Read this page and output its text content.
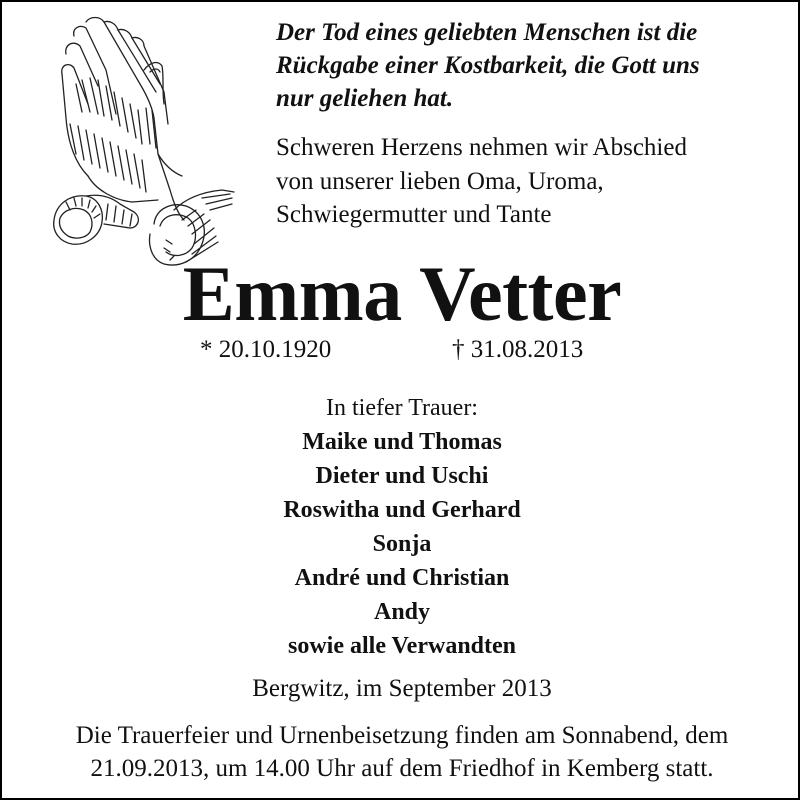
Der Tod eines geliebten Menschen ist die
Rückgabe einer Kostbarkeit, die Gott uns
nur geliehen hat.
Schweren Herzens nehmen wir Abschied
von unserer lieben Oma, Uroma,
Schwiegermutter und Tante
Emma Vetter
* 20.10.1920	† 31.08.2013
In tiefer Trauer:
Maike und Thomas
Dieter und Uschi
Roswitha und Gerhard
Sonja
André und Christian
Andy
sowie alle Verwandten
Bergwitz, im September 2013
Die Trauerfeier und Urnenbeisetzung finden am Sonnabend, dem
21.09.2013, um 14.00 Uhr auf dem Friedhof in Kemberg statt.
